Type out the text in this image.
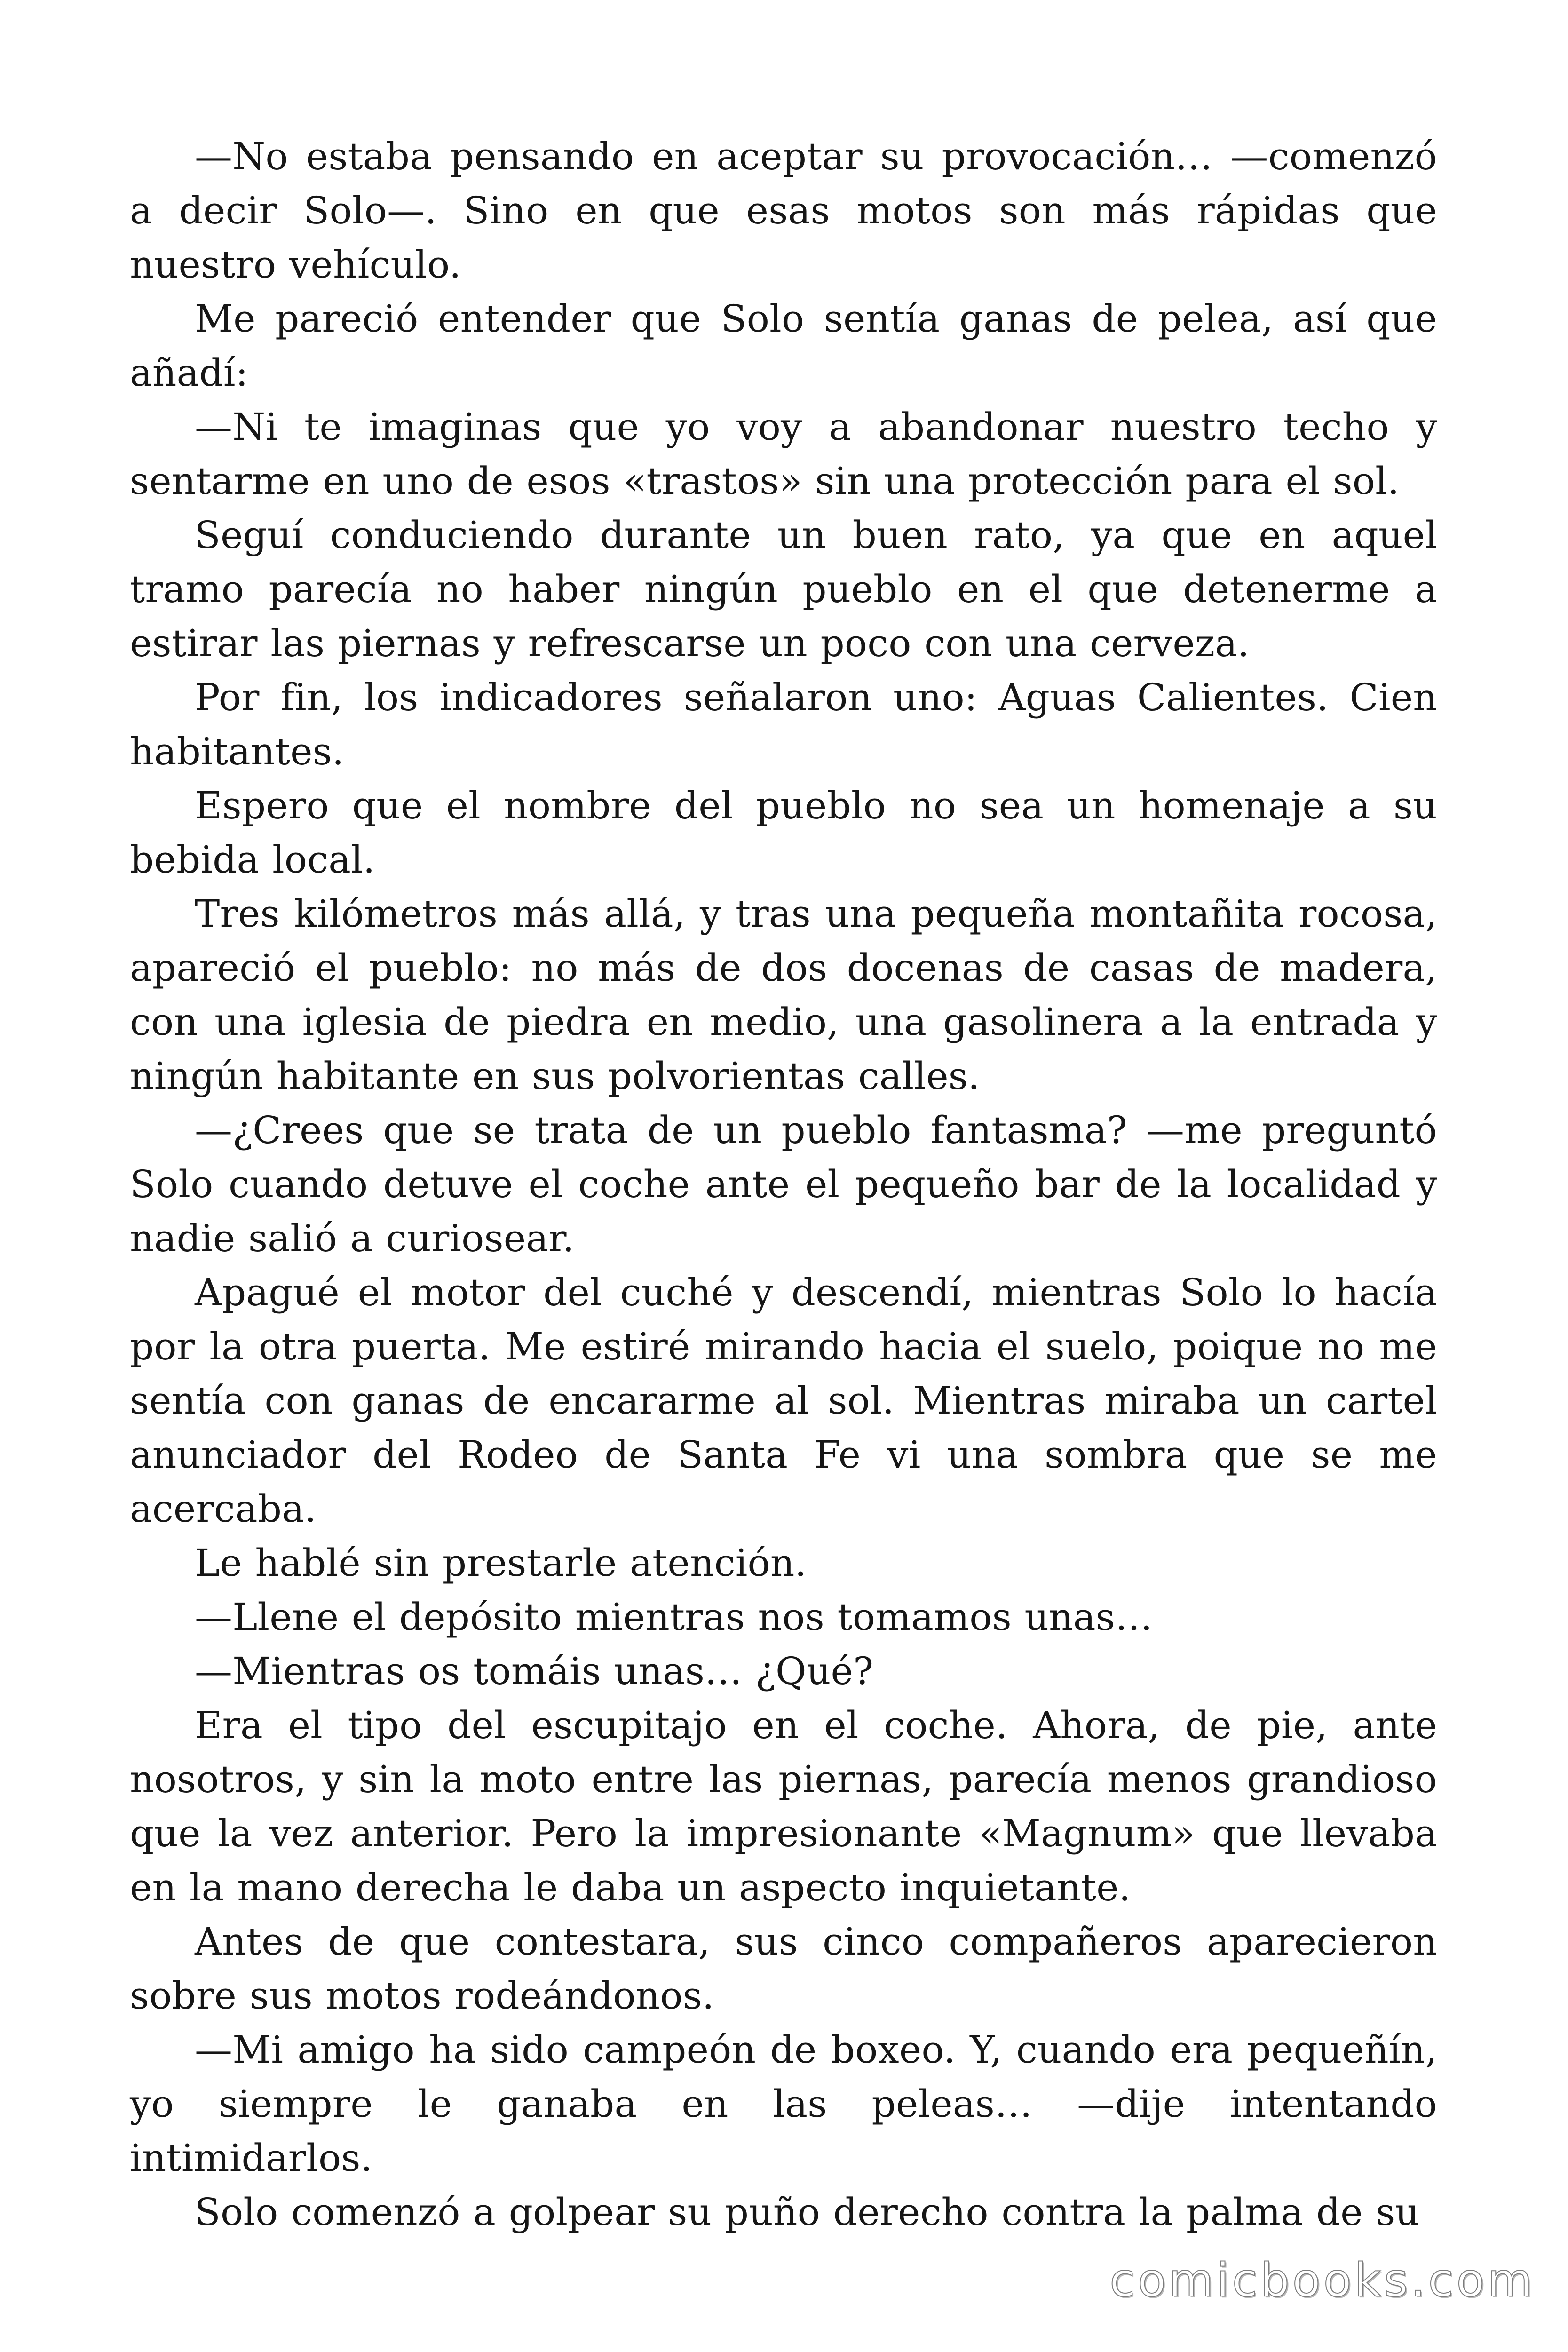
—No estaba pensando en aceptar su provocación… —comenzó a decir Solo—. Sino en que esas motos son más rápidas que nuestro vehículo.

Me pareció entender que Solo sentía ganas de pelea, así que añadí:

—Ni te imaginas que yo voy a abandonar nuestro techo y sentarme en uno de esos «trastos» sin una protección para el sol.

Seguí conduciendo durante un buen rato, ya que en aquel tramo parecía no haber ningún pueblo en el que detenerme a estirar las piernas y refrescarse un poco con una cerveza.

Por fin, los indicadores señalaron uno: Aguas Calientes. Cien habitantes.

Espero que el nombre del pueblo no sea un homenaje a su bebida local.

Tres kilómetros más allá, y tras una pequeña montañita rocosa, apareció el pueblo: no más de dos docenas de casas de madera, con una iglesia de piedra en medio, una gasolinera a la entrada y ningún habitante en sus polvorientas calles.

—¿Crees que se trata de un pueblo fantasma? —me preguntó Solo cuando detuve el coche ante el pequeño bar de la localidad y nadie salió a curiosear.

Apagué el motor del cuché y descendí, mientras Solo lo hacía por la otra puerta. Me estiré mirando hacia el suelo, poique no me sentía con ganas de encararme al sol. Mientras miraba un cartel anunciador del Rodeo de Santa Fe vi una sombra que se me acercaba.

Le hablé sin prestarle atención.

—Llene el depósito mientras nos tomamos unas…

—Mientras os tomáis unas… ¿Qué?

Era el tipo del escupitajo en el coche. Ahora, de pie, ante nosotros, y sin la moto entre las piernas, parecía menos grandioso que la vez anterior. Pero la impresionante «Magnum» que llevaba en la mano derecha le daba un aspecto inquietante.

Antes de que contestara, sus cinco compañeros aparecieron sobre sus motos rodeándonos.

—Mi amigo ha sido campeón de boxeo. Y, cuando era pequeñín, yo siempre le ganaba en las peleas… —dije intentando intimidarlos.

Solo comenzó a golpear su puño derecho contra la palma de su

comicbooks.com
